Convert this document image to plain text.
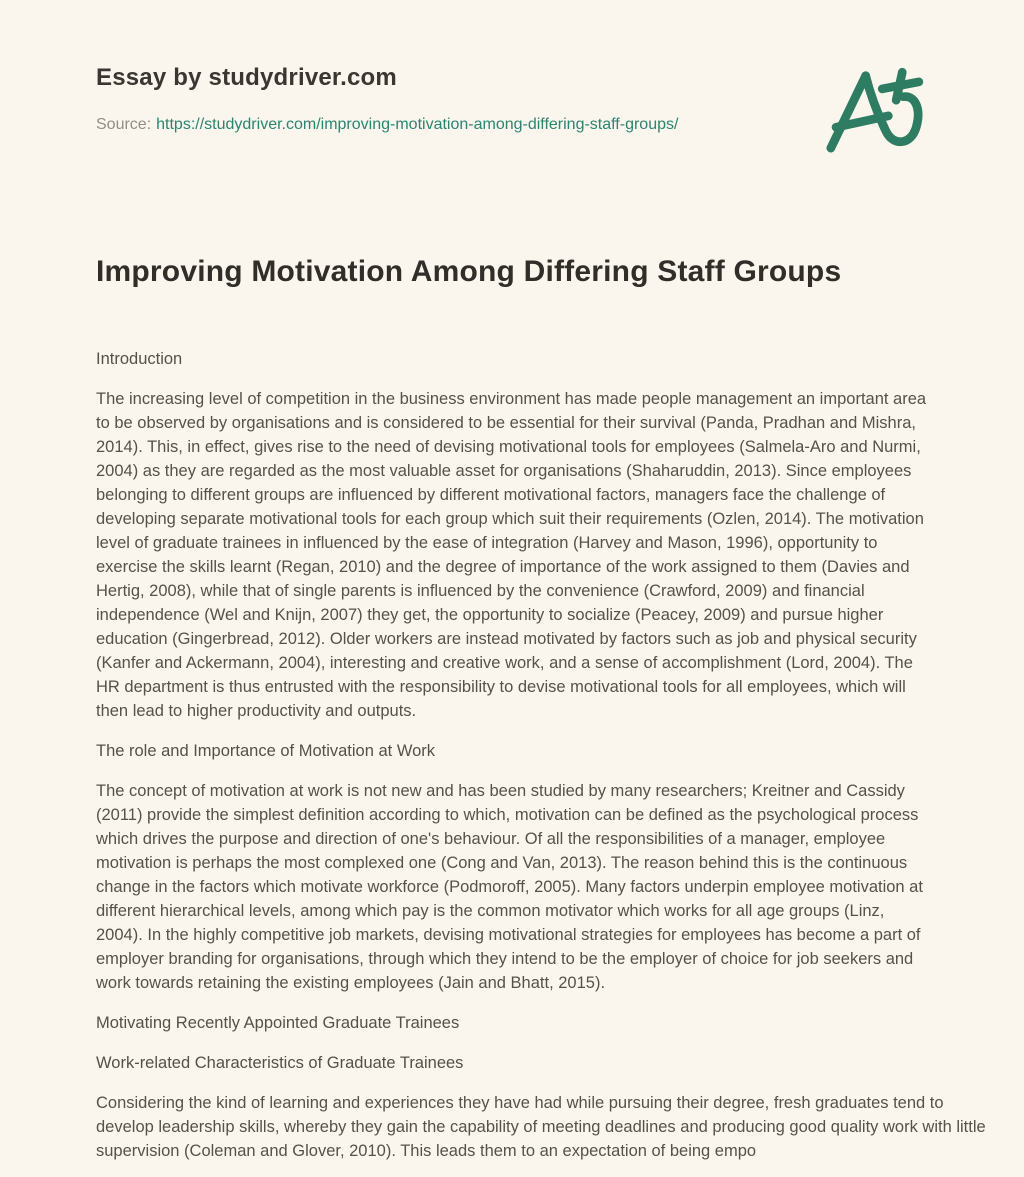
Essay by studydriver.com
Source: https://studydriver.com/improving-motivation-among-differing-staff-groups/
Improving Motivation Among Differing Staff Groups
Introduction

The increasing level of competition in the business environment has made people management an important area to be observed by organisations and is considered to be essential for their survival (Panda, Pradhan and Mishra, 2014). This, in effect, gives rise to the need of devising motivational tools for employees (Salmela-Aro and Nurmi, 2004) as they are regarded as the most valuable asset for organisations (Shaharuddin, 2013). Since employees belonging to different groups are influenced by different motivational factors, managers face the challenge of developing separate motivational tools for each group which suit their requirements (Ozlen, 2014). The motivation level of graduate trainees in influenced by the ease of integration (Harvey and Mason, 1996), opportunity to exercise the skills learnt (Regan, 2010) and the degree of importance of the work assigned to them (Davies and Hertig, 2008), while that of single parents is influenced by the convenience (Crawford, 2009) and financial independence (Wel and Knijn, 2007) they get, the opportunity to socialize (Peacey, 2009) and pursue higher education (Gingerbread, 2012). Older workers are instead motivated by factors such as job and physical security (Kanfer and Ackermann, 2004), interesting and creative work, and a sense of accomplishment (Lord, 2004). The HR department is thus entrusted with the responsibility to devise motivational tools for all employees, which will then lead to higher productivity and outputs.

The role and Importance of Motivation at Work

The concept of motivation at work is not new and has been studied by many researchers; Kreitner and Cassidy (2011) provide the simplest definition according to which, motivation can be defined as the psychological process which drives the purpose and direction of one's behaviour. Of all the responsibilities of a manager, employee motivation is perhaps the most complexed one (Cong and Van, 2013). The reason behind this is the continuous change in the factors which motivate workforce (Podmoroff, 2005). Many factors underpin employee motivation at different hierarchical levels, among which pay is the common motivator which works for all age groups (Linz, 2004). In the highly competitive job markets, devising motivational strategies for employees has become a part of employer branding for organisations, through which they intend to be the employer of choice for job seekers and work towards retaining the existing employees (Jain and Bhatt, 2015).

Motivating Recently Appointed Graduate Trainees
Work-related Characteristics of Graduate Trainees

Considering the kind of learning and experiences they have had while pursuing their degree, fresh graduates tend to develop leadership skills, whereby they gain the capability of meeting deadlines and producing good quality work with little supervision (Coleman and Glover, 2010). This leads them to an expectation of being empo
